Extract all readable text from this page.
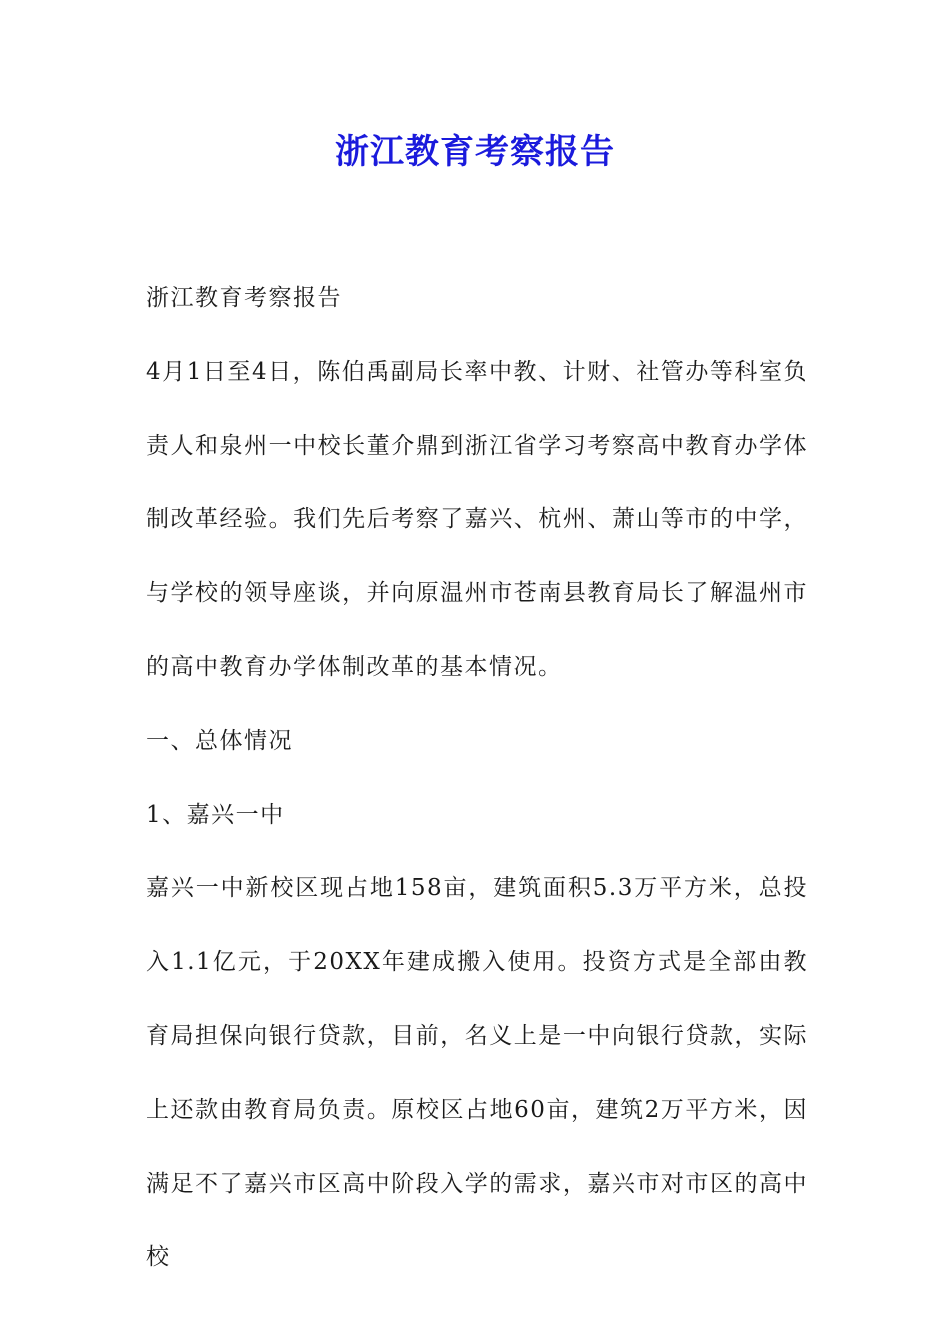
浙江教育考察报告

浙江教育考察报告

4月1日至4日，陈伯禹副局长率中教、计财、社管办等科室负责人和泉州一中校长董介鼎到浙江省学习考察高中教育办学体制改革经验。我们先后考察了嘉兴、杭州、萧山等市的中学，与学校的领导座谈，并向原温州市苍南县教育局长了解温州市的高中教育办学体制改革的基本情况。

一、总体情况

1、嘉兴一中

嘉兴一中新校区现占地158亩，建筑面积5.3万平方米，总投入1.1亿元，于20XX年建成搬入使用。投资方式是全部由教育局担保向银行贷款，目前，名义上是一中向银行贷款，实际上还款由教育局负责。原校区占地60亩，建筑2万平方米，因满足不了嘉兴市区高中阶段入学的需求，嘉兴市对市区的高中校
